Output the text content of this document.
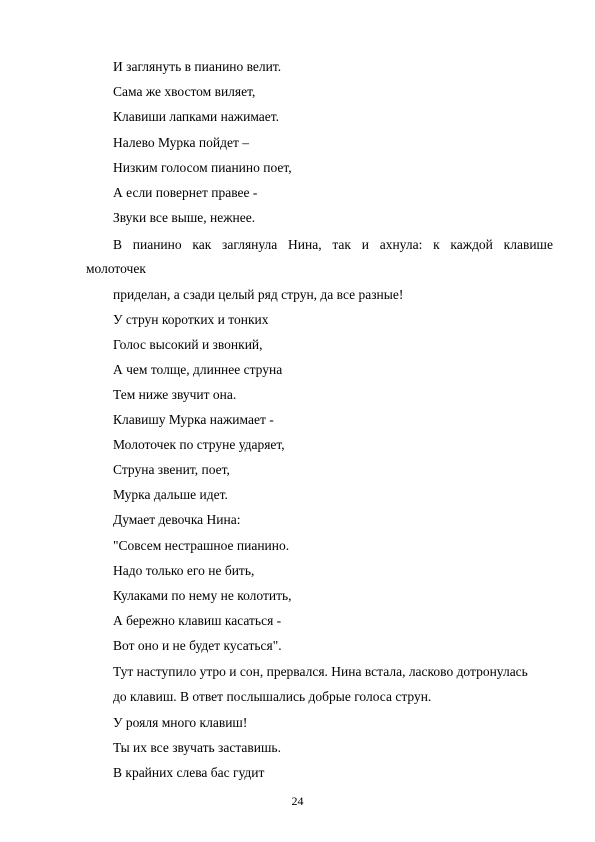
И заглянуть в пианино велит.
Сама же хвостом виляет,
Клавиши лапками нажимает.
Налево Мурка пойдет –
Низким голосом пианино поет,
А если повернет правее -
Звуки все выше, нежнее.
В пианино как заглянула Нина, так и ахнула: к каждой клавише
молоточек
приделан, а сзади целый ряд струн, да все разные!
У струн коротких и тонких
Голос высокий и звонкий,
А чем толще, длиннее струна
Тем ниже звучит она.
Клавишу Мурка нажимает -
Молоточек по струне ударяет,
Струна звенит, поет,
Мурка дальше идет.
Думает девочка Нина:
"Совсем нестрашное пианино.
Надо только его не бить,
Кулаками по нему не колотить,
А бережно клавиш касаться -
Вот оно и не будет кусаться".
Тут наступило утро и сон, прервался. Нина встала, ласково дотронулась
до клавиш. В ответ послышались добрые голоса струн.
У рояля много клавиш!
Ты их все звучать заставишь.
В крайних слева бас гудит
24
